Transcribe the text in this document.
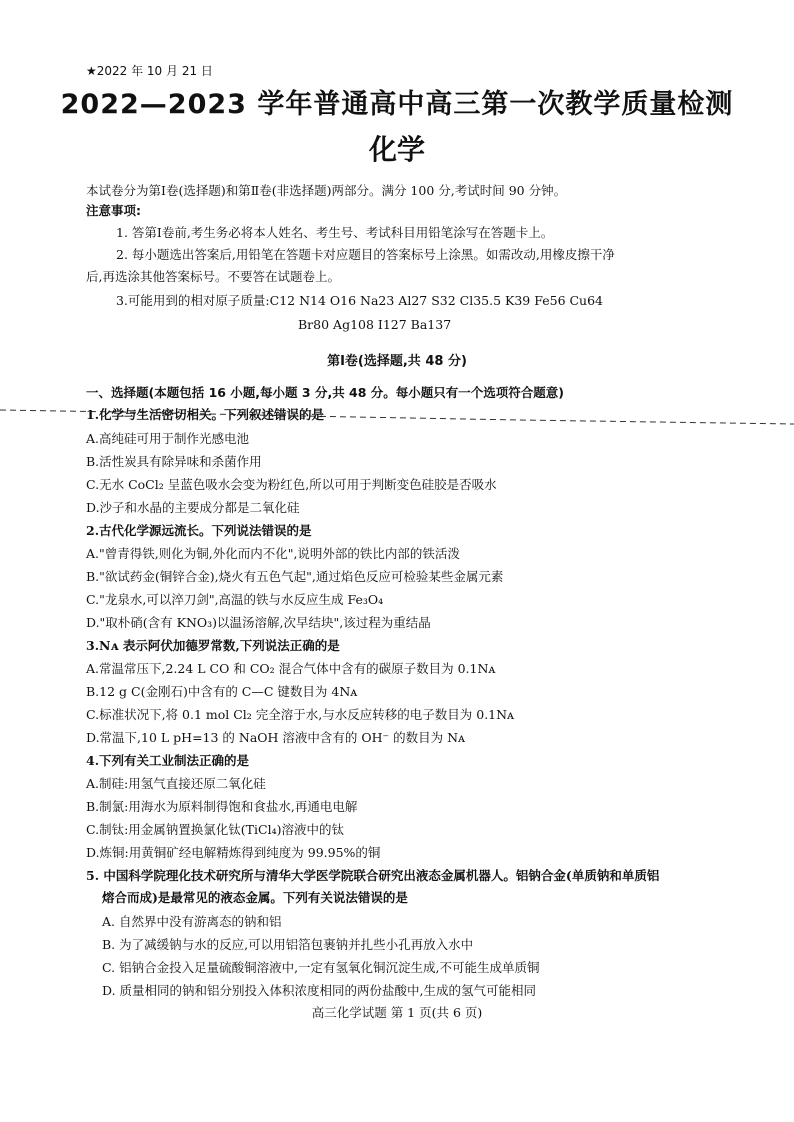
★2022 年 10 月 21 日
2022—2023 学年普通高中高三第一次教学质量检测
化学
本试卷分为第Ⅰ卷(选择题)和第Ⅱ卷(非选择题)两部分。满分 100 分,考试时间 90 分钟。
注意事项:
1. 答第Ⅰ卷前,考生务必将本人姓名、考生号、考试科目用铅笔涂写在答题卡上。
2. 每小题选出答案后,用铅笔在答题卡对应题目的答案标号上涂黑。如需改动,用橡皮擦干净
后,再选涂其他答案标号。不要答在试题卷上。
3.可能用到的相对原子质量:C12 N14 O16 Na23 Al27 S32 Cl35.5 K39 Fe56 Cu64
Br80 Ag108 I127 Ba137
第Ⅰ卷(选择题,共 48 分)
一、选择题(本题包括 16 小题,每小题 3 分,共 48 分。每小题只有一个选项符合题意)
1.化学与生活密切相关。下列叙述错误的是
A.高纯硅可用于制作光感电池
B.活性炭具有除异味和杀菌作用
C.无水 CoCl₂ 呈蓝色吸水会变为粉红色,所以可用于判断变色硅胶是否吸水
D.沙子和水晶的主要成分都是二氧化硅
2.古代化学源远流长。下列说法错误的是
A."曾青得铁,则化为铜,外化而内不化",说明外部的铁比内部的铁活泼
B."欲试药金(铜锌合金),烧火有五色气起",通过焰色反应可检验某些金属元素
C."龙泉水,可以淬刀剑",高温的铁与水反应生成 Fe₃O₄
D."取朴硝(含有 KNO₃)以温汤溶解,次早结块",该过程为重结晶
3.Nᴀ 表示阿伏加德罗常数,下列说法正确的是
A.常温常压下,2.24 L CO 和 CO₂ 混合气体中含有的碳原子数目为 0.1Nᴀ
B.12 g C(金刚石)中含有的 C—C 键数目为 4Nᴀ
C.标准状况下,将 0.1 mol Cl₂ 完全溶于水,与水反应转移的电子数目为 0.1Nᴀ
D.常温下,10 L pH=13 的 NaOH 溶液中含有的 OH⁻ 的数目为 Nᴀ
4.下列有关工业制法正确的是
A.制硅:用氢气直接还原二氧化硅
B.制氯:用海水为原料制得饱和食盐水,再通电电解
C.制钛:用金属钠置换氯化钛(TiCl₄)溶液中的钛
D.炼铜:用黄铜矿经电解精炼得到纯度为 99.95%的铜
5. 中国科学院理化技术研究所与清华大学医学院联合研究出液态金属机器人。铝钠合金(单质钠和单质铝
熔合而成)是最常见的液态金属。下列有关说法错误的是
A. 自然界中没有游离态的钠和铝
B. 为了减缓钠与水的反应,可以用铝箔包裹钠并扎些小孔再放入水中
C. 铝钠合金投入足量硫酸铜溶液中,一定有氢氧化铜沉淀生成,不可能生成单质铜
D. 质量相同的钠和铝分别投入体积浓度相同的两份盐酸中,生成的氢气可能相同
高三化学试题 第 1 页(共 6 页)
